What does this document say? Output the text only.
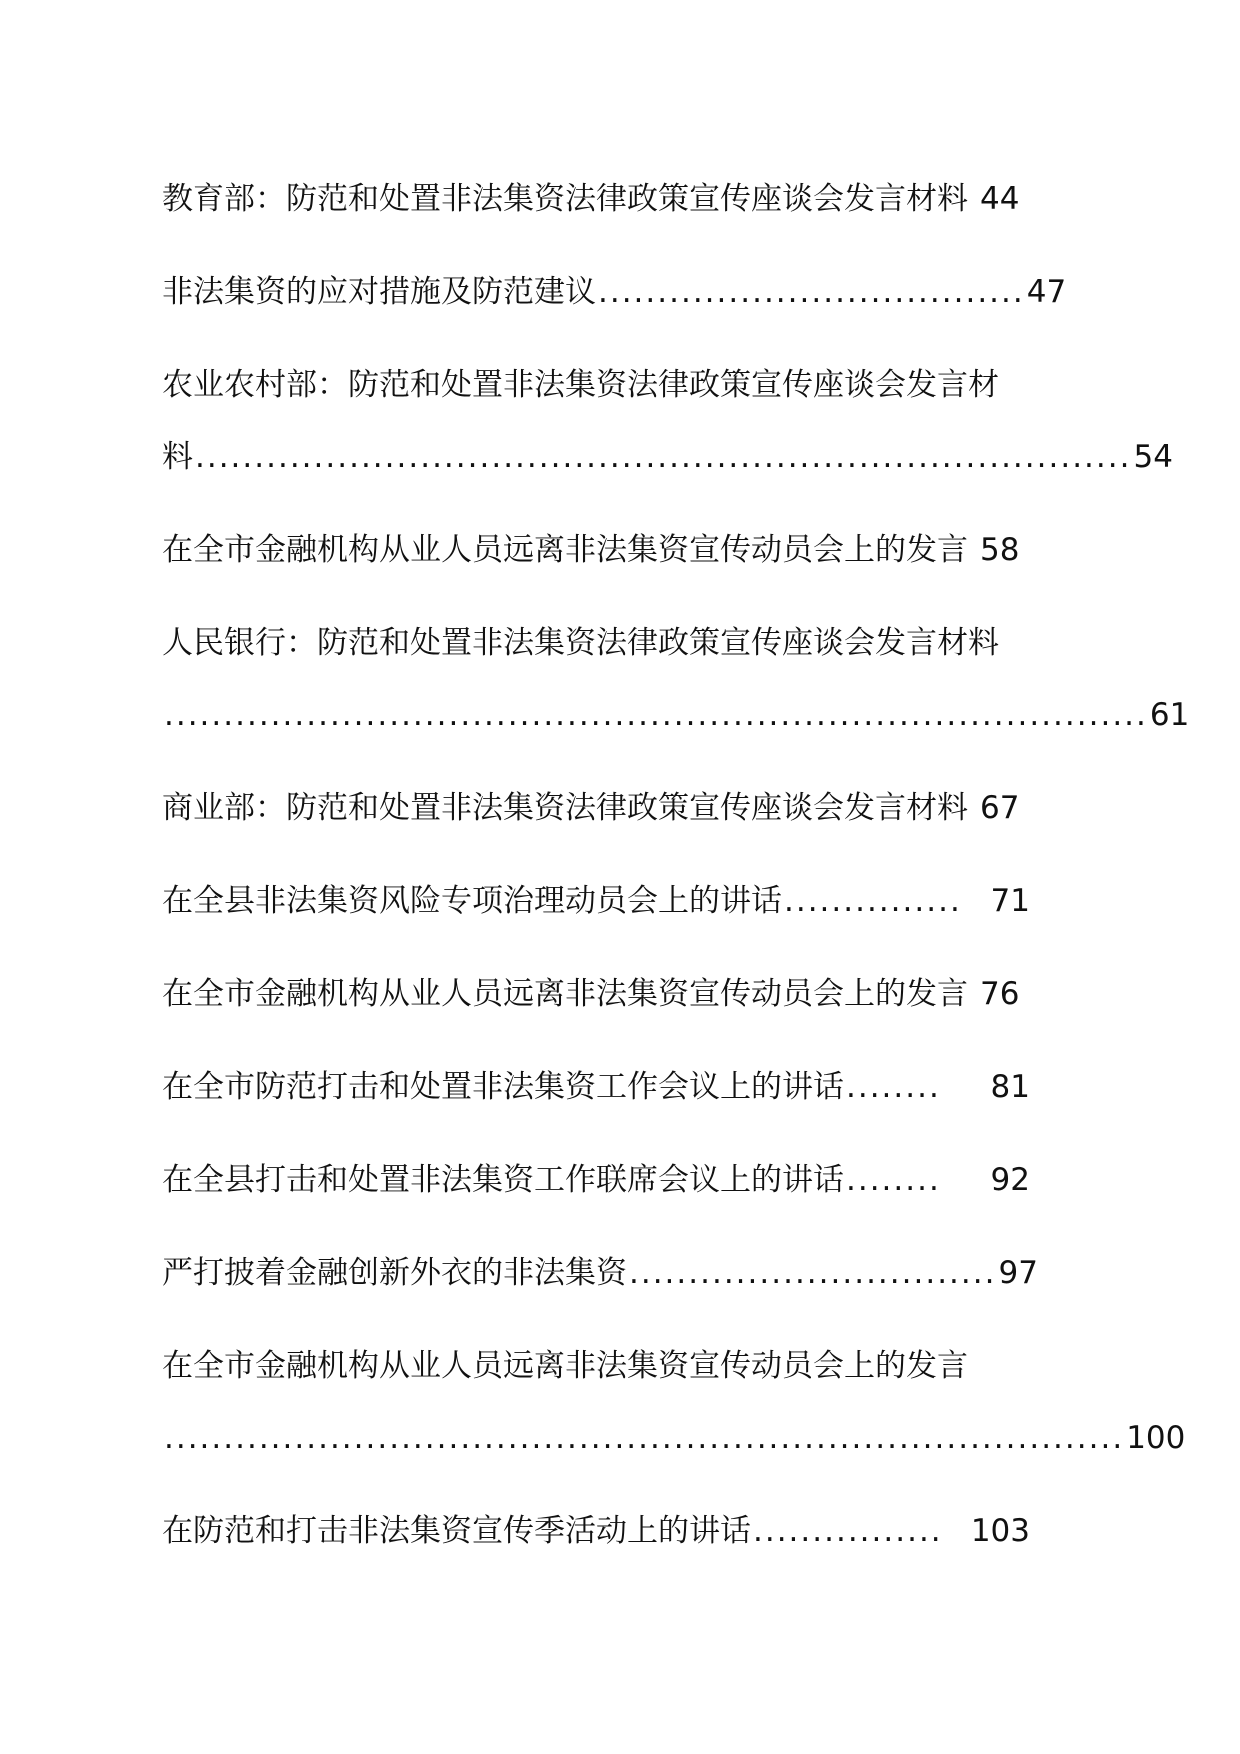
教育部：防范和处置非法集资法律政策宣传座谈会发言材料 44
非法集资的应对措施及防范建议 .................................... 47
农业农村部：防范和处置非法集资法律政策宣传座谈会发言材
料 ............................................................................... 54
在全市金融机构从业人员远离非法集资宣传动员会上的发言 58
人民银行：防范和处置非法集资法律政策宣传座谈会发言材料
................................................................................... 61
商业部：防范和处置非法集资法律政策宣传座谈会发言材料 67
在全县非法集资风险专项治理动员会上的讲话 ............... 71
在全市金融机构从业人员远离非法集资宣传动员会上的发言 76
在全市防范打击和处置非法集资工作会议上的讲话 ........	81
在全县打击和处置非法集资工作联席会议上的讲话 ........	92
严打披着金融创新外衣的非法集资 ............................... 97
在全市金融机构从业人员远离非法集资宣传动员会上的发言
................................................................................. 100
在防范和打击非法集资宣传季活动上的讲话 ................ 103
